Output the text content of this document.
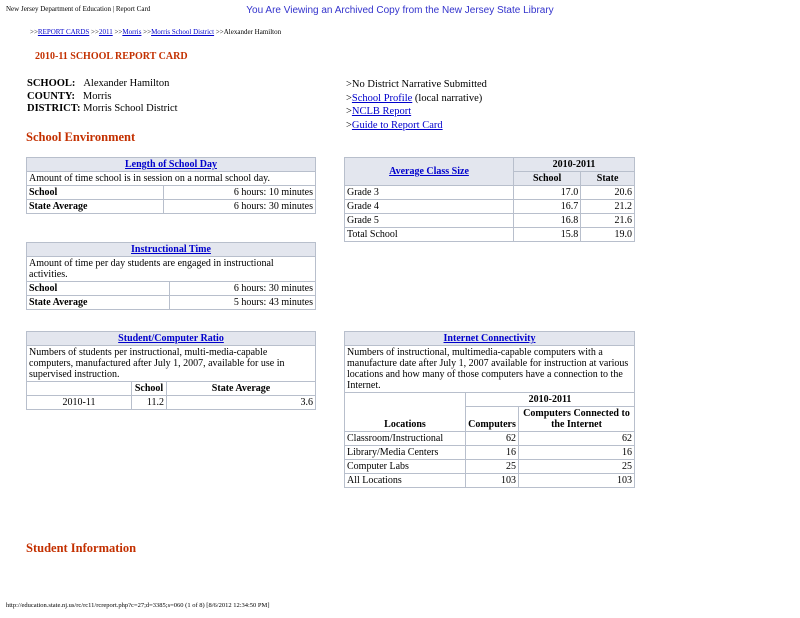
New Jersey Department of Education | Report Card	You Are Viewing an Archived Copy from the New Jersey State Library
>>REPORT CARDS >>2011 >>Morris >>Morris School District >>Alexander Hamilton
2010-11 SCHOOL REPORT CARD
SCHOOL: Alexander Hamilton
COUNTY: Morris
DISTRICT: Morris School District
>No District Narrative Submitted
>School Profile (local narrative)
>NCLB Report
>Guide to Report Card
School Environment
Length of School Day	
Amount of time school is in session on a normal school day.	
School	6 hours: 10 minutes
State Average	6 hours: 30 minutes
Instructional Time	
Amount of time per day students are engaged in instructional activities.	
School	6 hours: 30 minutes
State Average	5 hours: 43 minutes
Student/Computer Ratio		
Numbers of students per instructional, multi-media-capable computers, manufactured after July 1, 2007, available for use in supervised instruction.		
	School	State Average
2010-11	11.2	3.6
Average Class Size	2010-2011	
	School	State
Grade 3	17.0	20.6
Grade 4	16.7	21.2
Grade 5	16.8	21.6
Total School	15.8	19.0
Internet Connectivity		
Numbers of instructional, multimedia-capable computers with a manufacture date after July 1, 2007 available for instruction at various locations and how many of those computers have a connection to the Internet.		
Locations	2010-2011	
	Computers	Computers Connected to the Internet
Classroom/Instructional	62	62
Library/Media Centers	16	16
Computer Labs	25	25
All Locations	103	103
Student Information
http://education.state.nj.us/rc/rc11/rcreport.php?c=27;d=3385;s=060 (1 of 8) [8/6/2012 12:34:50 PM]
